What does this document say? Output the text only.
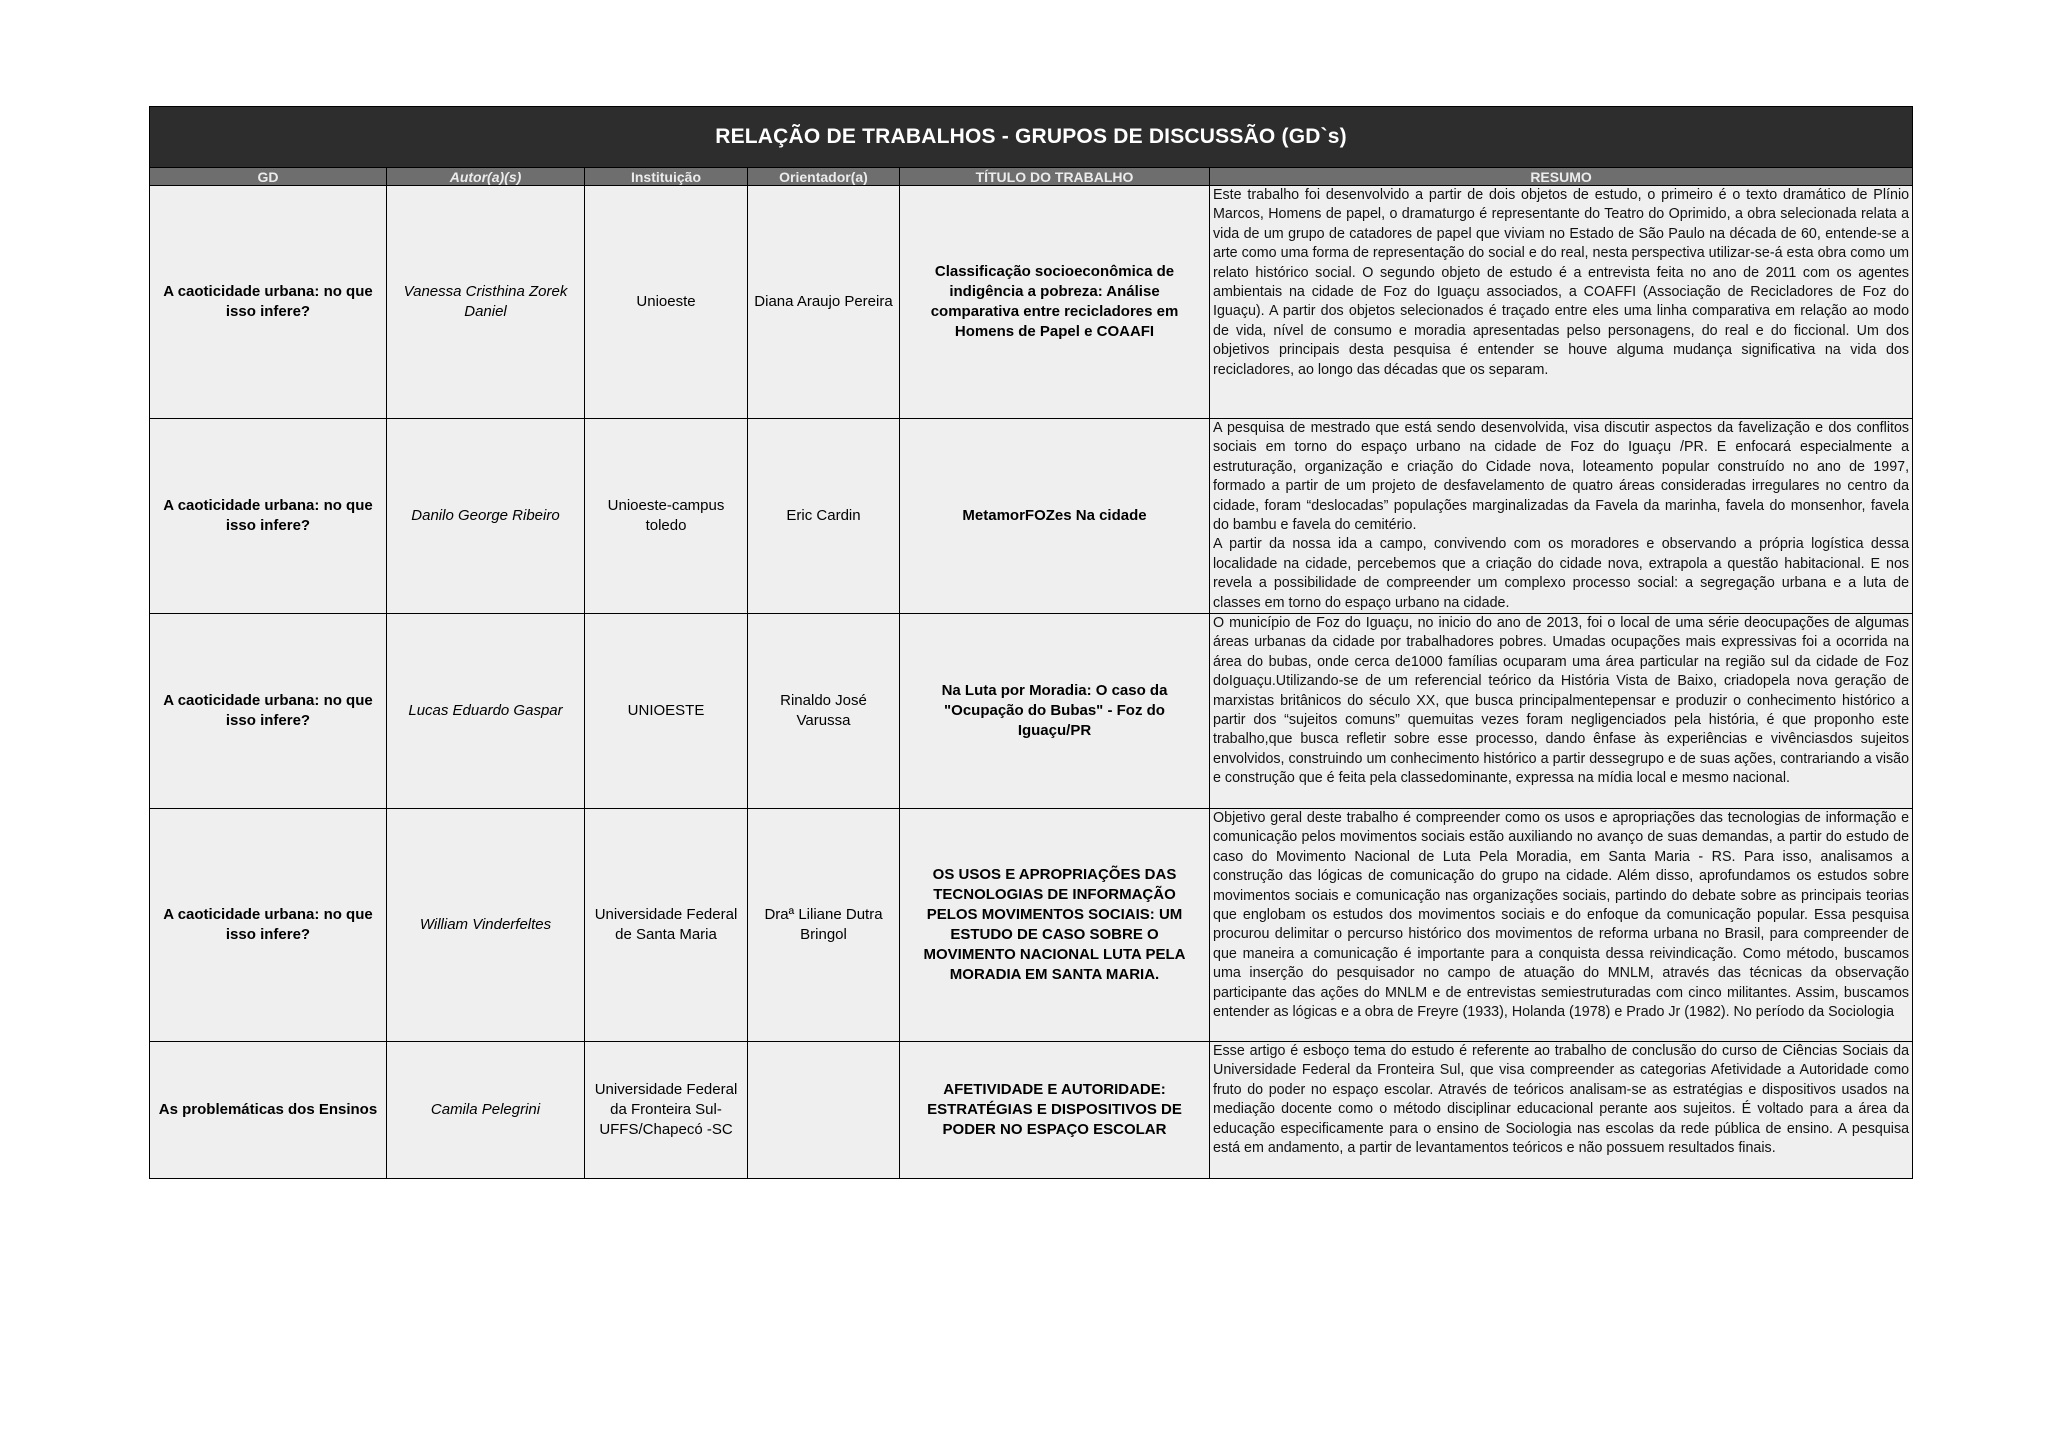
RELAÇÃO DE TRABALHOS - GRUPOS DE DISCUSSÃO (GD`s)					
GD	Autor(a)(s)	Instituição	Orientador(a)	TÍTULO DO TRABALHO	RESUMO
A caoticidade urbana: no que isso infere?	Vanessa Cristhina Zorek Daniel	Unioeste	Diana Araujo Pereira	Classificação socioeconômica de indigência a pobreza: Análise comparativa entre recicladores em Homens de Papel e COAAFI	Este trabalho foi desenvolvido a partir de dois objetos de estudo, o primeiro é o texto dramático de Plínio Marcos, Homens de papel, o dramaturgo é representante do Teatro do Oprimido, a obra selecionada relata a vida de um grupo de catadores de papel que viviam no Estado de São Paulo na década de 60, entende-se a arte como uma forma de representação do social e do real, nesta perspectiva utilizar-se-á esta obra como um relato histórico social. O segundo objeto de estudo é a entrevista feita no ano de 2011 com os agentes ambientais na cidade de Foz do Iguaçu associados, a COAFFI (Associação de Recicladores de Foz do Iguaçu). A partir dos objetos selecionados é traçado entre eles uma linha comparativa em relação ao modo de vida, nível de consumo e moradia apresentadas pelso personagens, do real e do ficcional. Um dos objetivos principais desta pesquisa é entender se houve alguma mudança significativa na vida dos recicladores, ao longo das décadas que os separam.

A caoticidade urbana: no que isso infere?	Danilo George Ribeiro	Unioeste-campus toledo	Eric Cardin	MetamorFOZes Na cidade	A pesquisa de mestrado que está sendo desenvolvida, visa discutir aspectos da favelização e dos conflitos sociais em torno do espaço urbano na cidade de Foz do Iguaçu /PR. E enfocará especialmente a estruturação, organização e criação do Cidade nova, loteamento popular construído no ano de 1997, formado a partir de um projeto de desfavelamento de quatro áreas consideradas irregulares no centro da cidade, foram “deslocadas” populações marginalizadas da Favela da marinha, favela do monsenhor, favela do bambu e favela do cemitério.
A partir da nossa ida a campo, convivendo com os moradores e observando a própria logística dessa localidade na cidade, percebemos que a criação do cidade nova, extrapola a questão habitacional. E nos revela a possibilidade de compreender um complexo processo social: a segregação urbana e a luta de classes em torno do espaço urbano na cidade.

A caoticidade urbana: no que isso infere?	Lucas Eduardo Gaspar	UNIOESTE	Rinaldo José Varussa	Na Luta por Moradia: O caso da "Ocupação do Bubas" - Foz do Iguaçu/PR	O município de Foz do Iguaçu, no inicio do ano de 2013, foi o local de uma série deocupações de algumas áreas urbanas da cidade por trabalhadores pobres. Umadas ocupações mais expressivas foi a ocorrida na área do bubas, onde cerca de1000 famílias ocuparam uma área particular na região sul da cidade de Foz doIguaçu.Utilizando-se de um referencial teórico da História Vista de Baixo, criadopela nova geração de marxistas britânicos do século XX, que busca principalmentepensar e produzir o conhecimento histórico a partir dos “sujeitos comuns” quemuitas vezes foram negligenciados pela história, é que proponho este trabalho,que busca refletir sobre esse processo, dando ênfase às experiências e vivênciasdos sujeitos envolvidos, construindo um conhecimento histórico a partir dessegrupo e de suas ações, contrariando a visão e construção que é feita pela classedominante, expressa na mídia local e mesmo nacional.

A caoticidade urbana: no que isso infere?	William Vinderfeltes	Universidade Federal de Santa Maria	Draª Liliane Dutra Bringol	OS USOS E APROPRIAÇÕES DAS TECNOLOGIAS DE INFORMAÇÃO PELOS MOVIMENTOS SOCIAIS: UM ESTUDO DE CASO SOBRE O MOVIMENTO NACIONAL LUTA PELA MORADIA EM SANTA MARIA.	Objetivo geral deste trabalho é compreender como os usos e apropriações das tecnologias de informação e comunicação pelos movimentos sociais estão auxiliando no avanço de suas demandas, a partir do estudo de caso do Movimento Nacional de Luta Pela Moradia, em Santa Maria - RS. Para isso, analisamos a construção das lógicas de comunicação do grupo na cidade. Além disso, aprofundamos os estudos sobre movimentos sociais e comunicação nas organizações sociais, partindo do debate sobre as principais teorias que englobam os estudos dos movimentos sociais e do enfoque da comunicação popular. Essa pesquisa procurou delimitar o percurso histórico dos movimentos de reforma urbana no Brasil, para compreender de que maneira a comunicação é importante para a conquista dessa reivindicação. Como método, buscamos uma inserção do pesquisador no campo de atuação do MNLM, através das técnicas da observação participante das ações do MNLM e de entrevistas semiestruturadas com cinco militantes. Assim, buscamos entender as lógicas e a obra de Freyre (1933), Holanda (1978) e Prado Jr (1982). No período da Sociologia

As problemáticas dos Ensinos	Camila Pelegrini	Universidade Federal da Fronteira Sul-UFFS/Chapecó -SC		AFETIVIDADE E AUTORIDADE: ESTRATÉGIAS E DISPOSITIVOS DE PODER NO ESPAÇO ESCOLAR	Esse artigo é esboço tema do estudo é referente ao trabalho de conclusão do curso de Ciências Sociais da Universidade Federal da Fronteira Sul, que visa compreender as categorias Afetividade a Autoridade como fruto do poder no espaço escolar. Através de teóricos analisam-se as estratégias e dispositivos usados na mediação docente como o método disciplinar educacional perante aos sujeitos. É voltado para a área da educação especificamente para o ensino de Sociologia nas escolas da rede pública de ensino. A pesquisa está em andamento, a partir de levantamentos teóricos e não possuem resultados finais.
